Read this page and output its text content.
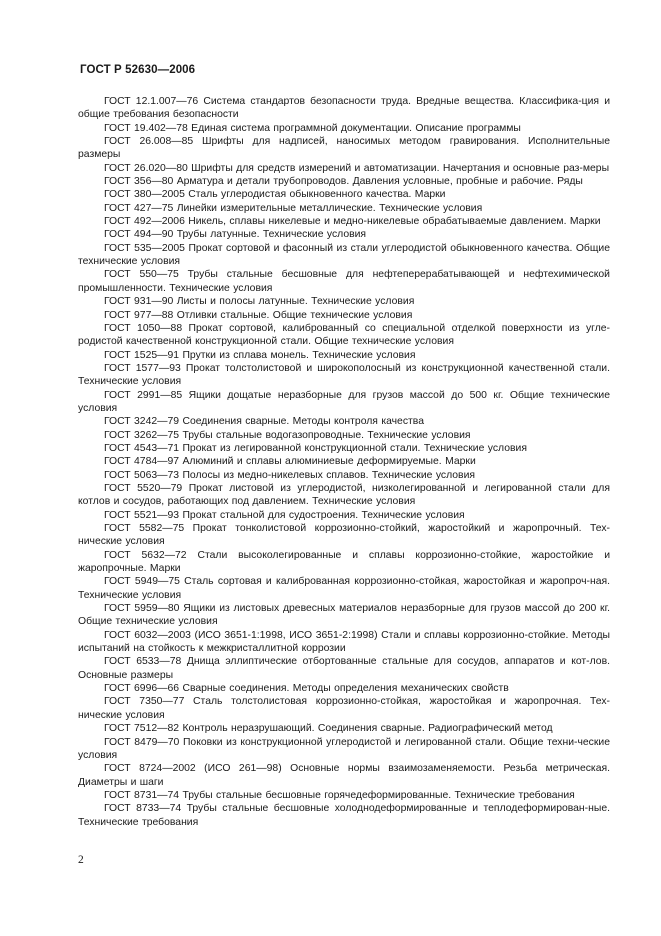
ГОСТ Р 52630—2006

ГОСТ 12.1.007—76 Система стандартов безопасности труда. Вредные вещества. Классифика-ция и общие требования безопасности

ГОСТ 19.402—78 Единая система программной документации. Описание программы

ГОСТ 26.008—85 Шрифты для надписей, наносимых методом гравирования. Исполнительные размеры

ГОСТ 26.020—80 Шрифты для средств измерений и автоматизации. Начертания и основные раз-меры

ГОСТ 356—80 Арматура и детали трубопроводов. Давления условные, пробные и рабочие. Ряды

ГОСТ 380—2005 Сталь углеродистая обыкновенного качества. Марки

ГОСТ 427—75 Линейки измерительные металлические. Технические условия

ГОСТ 492—2006 Никель, сплавы никелевые и медно-никелевые обрабатываемые давлением. Марки

ГОСТ 494—90 Трубы латунные. Технические условия

ГОСТ 535—2005 Прокат сортовой и фасонный из стали углеродистой обыкновенного качества. Общие технические условия

ГОСТ 550—75 Трубы стальные бесшовные для нефтеперерабатывающей и нефтехимической промышленности. Технические условия

ГОСТ 931—90 Листы и полосы латунные. Технические условия

ГОСТ 977—88 Отливки стальные. Общие технические условия

ГОСТ 1050—88 Прокат сортовой, калиброванный со специальной отделкой поверхности из угле-родистой качественной конструкционной стали. Общие технические условия

ГОСТ 1525—91 Прутки из сплава монель. Технические условия

ГОСТ 1577—93 Прокат толстолистовой и широкополосный из конструкционной качественной стали. Технические условия

ГОСТ 2991—85 Ящики дощатые неразборные для грузов массой до 500 кг. Общие технические условия

ГОСТ 3242—79 Соединения сварные. Методы контроля качества

ГОСТ 3262—75 Трубы стальные водогазопроводные. Технические условия

ГОСТ 4543—71 Прокат из легированной конструкционной стали. Технические условия

ГОСТ 4784—97 Алюминий и сплавы алюминиевые деформируемые. Марки

ГОСТ 5063—73 Полосы из медно-никелевых сплавов. Технические условия

ГОСТ 5520—79 Прокат листовой из углеродистой, низколегированной и легированной стали для котлов и сосудов, работающих под давлением. Технические условия

ГОСТ 5521—93 Прокат стальной для судостроения. Технические условия

ГОСТ 5582—75 Прокат тонколистовой коррозионно-стойкий, жаростойкий и жаропрочный. Тех-нические условия

ГОСТ 5632—72 Стали высоколегированные и сплавы коррозионно-стойкие, жаростойкие и жаропрочные. Марки

ГОСТ 5949—75 Сталь сортовая и калиброванная коррозионно-стойкая, жаростойкая и жаропроч-ная. Технические условия

ГОСТ 5959—80 Ящики из листовых древесных материалов неразборные для грузов массой до 200 кг. Общие технические условия

ГОСТ 6032—2003 (ИСО 3651-1:1998, ИСО 3651-2:1998) Стали и сплавы коррозионно-стойкие. Методы испытаний на стойкость к межкристаллитной коррозии

ГОСТ 6533—78 Днища эллиптические отбортованные стальные для сосудов, аппаратов и кот-лов. Основные размеры

ГОСТ 6996—66 Сварные соединения. Методы определения механических свойств

ГОСТ 7350—77 Сталь толстолистовая коррозионно-стойкая, жаростойкая и жаропрочная. Тех-нические условия

ГОСТ 7512—82 Контроль неразрушающий. Соединения сварные. Радиографический метод

ГОСТ 8479—70 Поковки из конструкционной углеродистой и легированной стали. Общие техни-ческие условия

ГОСТ 8724—2002 (ИСО 261—98) Основные нормы взаимозаменяемости. Резьба метрическая. Диаметры и шаги

ГОСТ 8731—74 Трубы стальные бесшовные горячедеформированные. Технические требования

ГОСТ 8733—74 Трубы стальные бесшовные холоднодеформированные и теплодеформирован-ные. Технические требования

2
